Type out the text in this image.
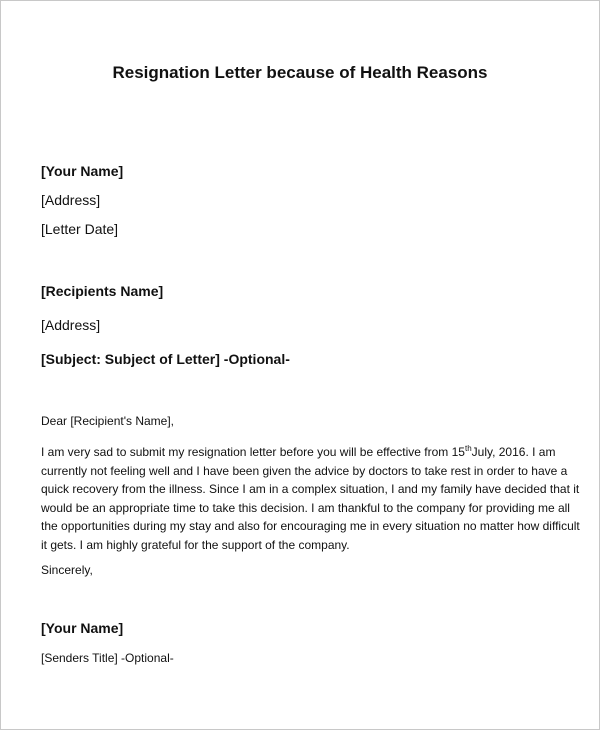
Resignation Letter because of Health Reasons
[Your Name]
[Address]
[Letter Date]
[Recipients Name]
[Address]
[Subject: Subject of Letter] -Optional-
Dear [Recipient's Name],
I am very sad to submit my resignation letter before you will be effective from 15thJuly, 2016. I am
currently not feeling well and I have been given the advice by doctors to take rest in order to have a
quick recovery from the illness. Since I am in a complex situation, I and my family have decided that it
would be an appropriate time to take this decision. I am thankful to the company for providing me all
the opportunities during my stay and also for encouraging me in every situation no matter how difficult
it gets. I am highly grateful for the support of the company.
Sincerely,
[Your Name]
[Senders Title] -Optional-
